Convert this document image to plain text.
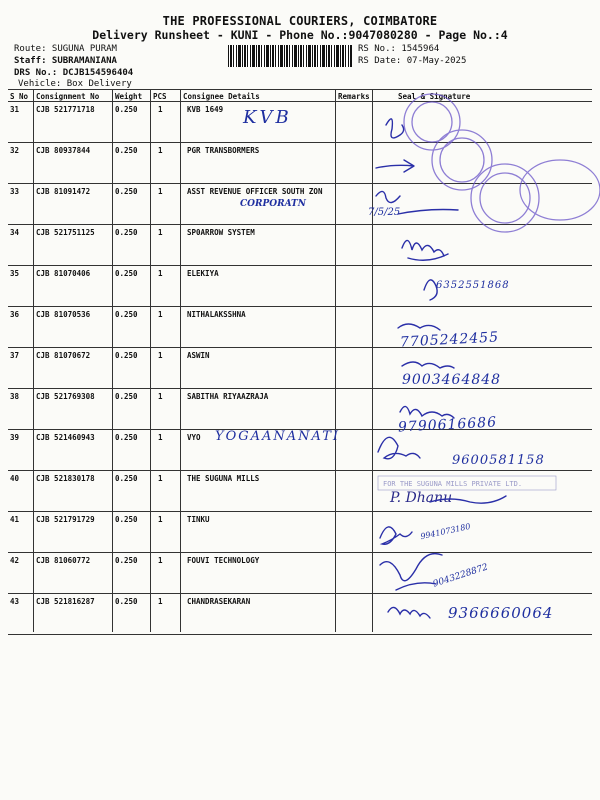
THE PROFESSIONAL COURIERS, COIMBATORE
Delivery Runsheet - KUNI - Phone No.:9047080280 - Page No.:4
Route: SUGUNA PURAM
Staff: SUBRAMANIANA
DRS No.: DCJB154596404
Vehicle: Box Delivery
RS No.: 1545964
RS Date: 07-May-2025
S No Consignment No Weight PCS Consignee Details	Remarks	Seal & Signature
31 CJB 521771718	0.250	1	KVB 1649
32 CJB 80937844	0.250	1	PGR TRANSBORMERS
33 CJB 81091472	0.250	1	ASST REVENUE OFFICER SOUTH ZON
34 CJB 521751125	0.250	1	SP0ARROW SYSTEM
35 CJB 81070406	0.250	1	ELEKIYA
36 CJB 81070536	0.250	1	NITHALAKSSHNA
37 CJB 81070672	0.250	1	ASWIN
38 CJB 521769308	0.250	1	SABITHA RIYAAZRAJA
39 CJB 521460943	0.250	1	VYO
40 CJB 521830178	0.250	1	THE SUGUNA MILLS
41 CJB 521791729	0.250	1	TINKU
42 CJB 81060772	0.250	1	FOUVI TECHNOLOGY
43 CJB 521816287	0.250	1	CHANDRASEKARAN
KVB
CORPORATN
7/5/25
6352551868
7705242455
9003464848
9790616686
YOGAANANATI
9600581158
P. Dhanu
9941073180
9043228872
9366660064
FOR THE SUGUNA MILLS PRIVATE LTD.
